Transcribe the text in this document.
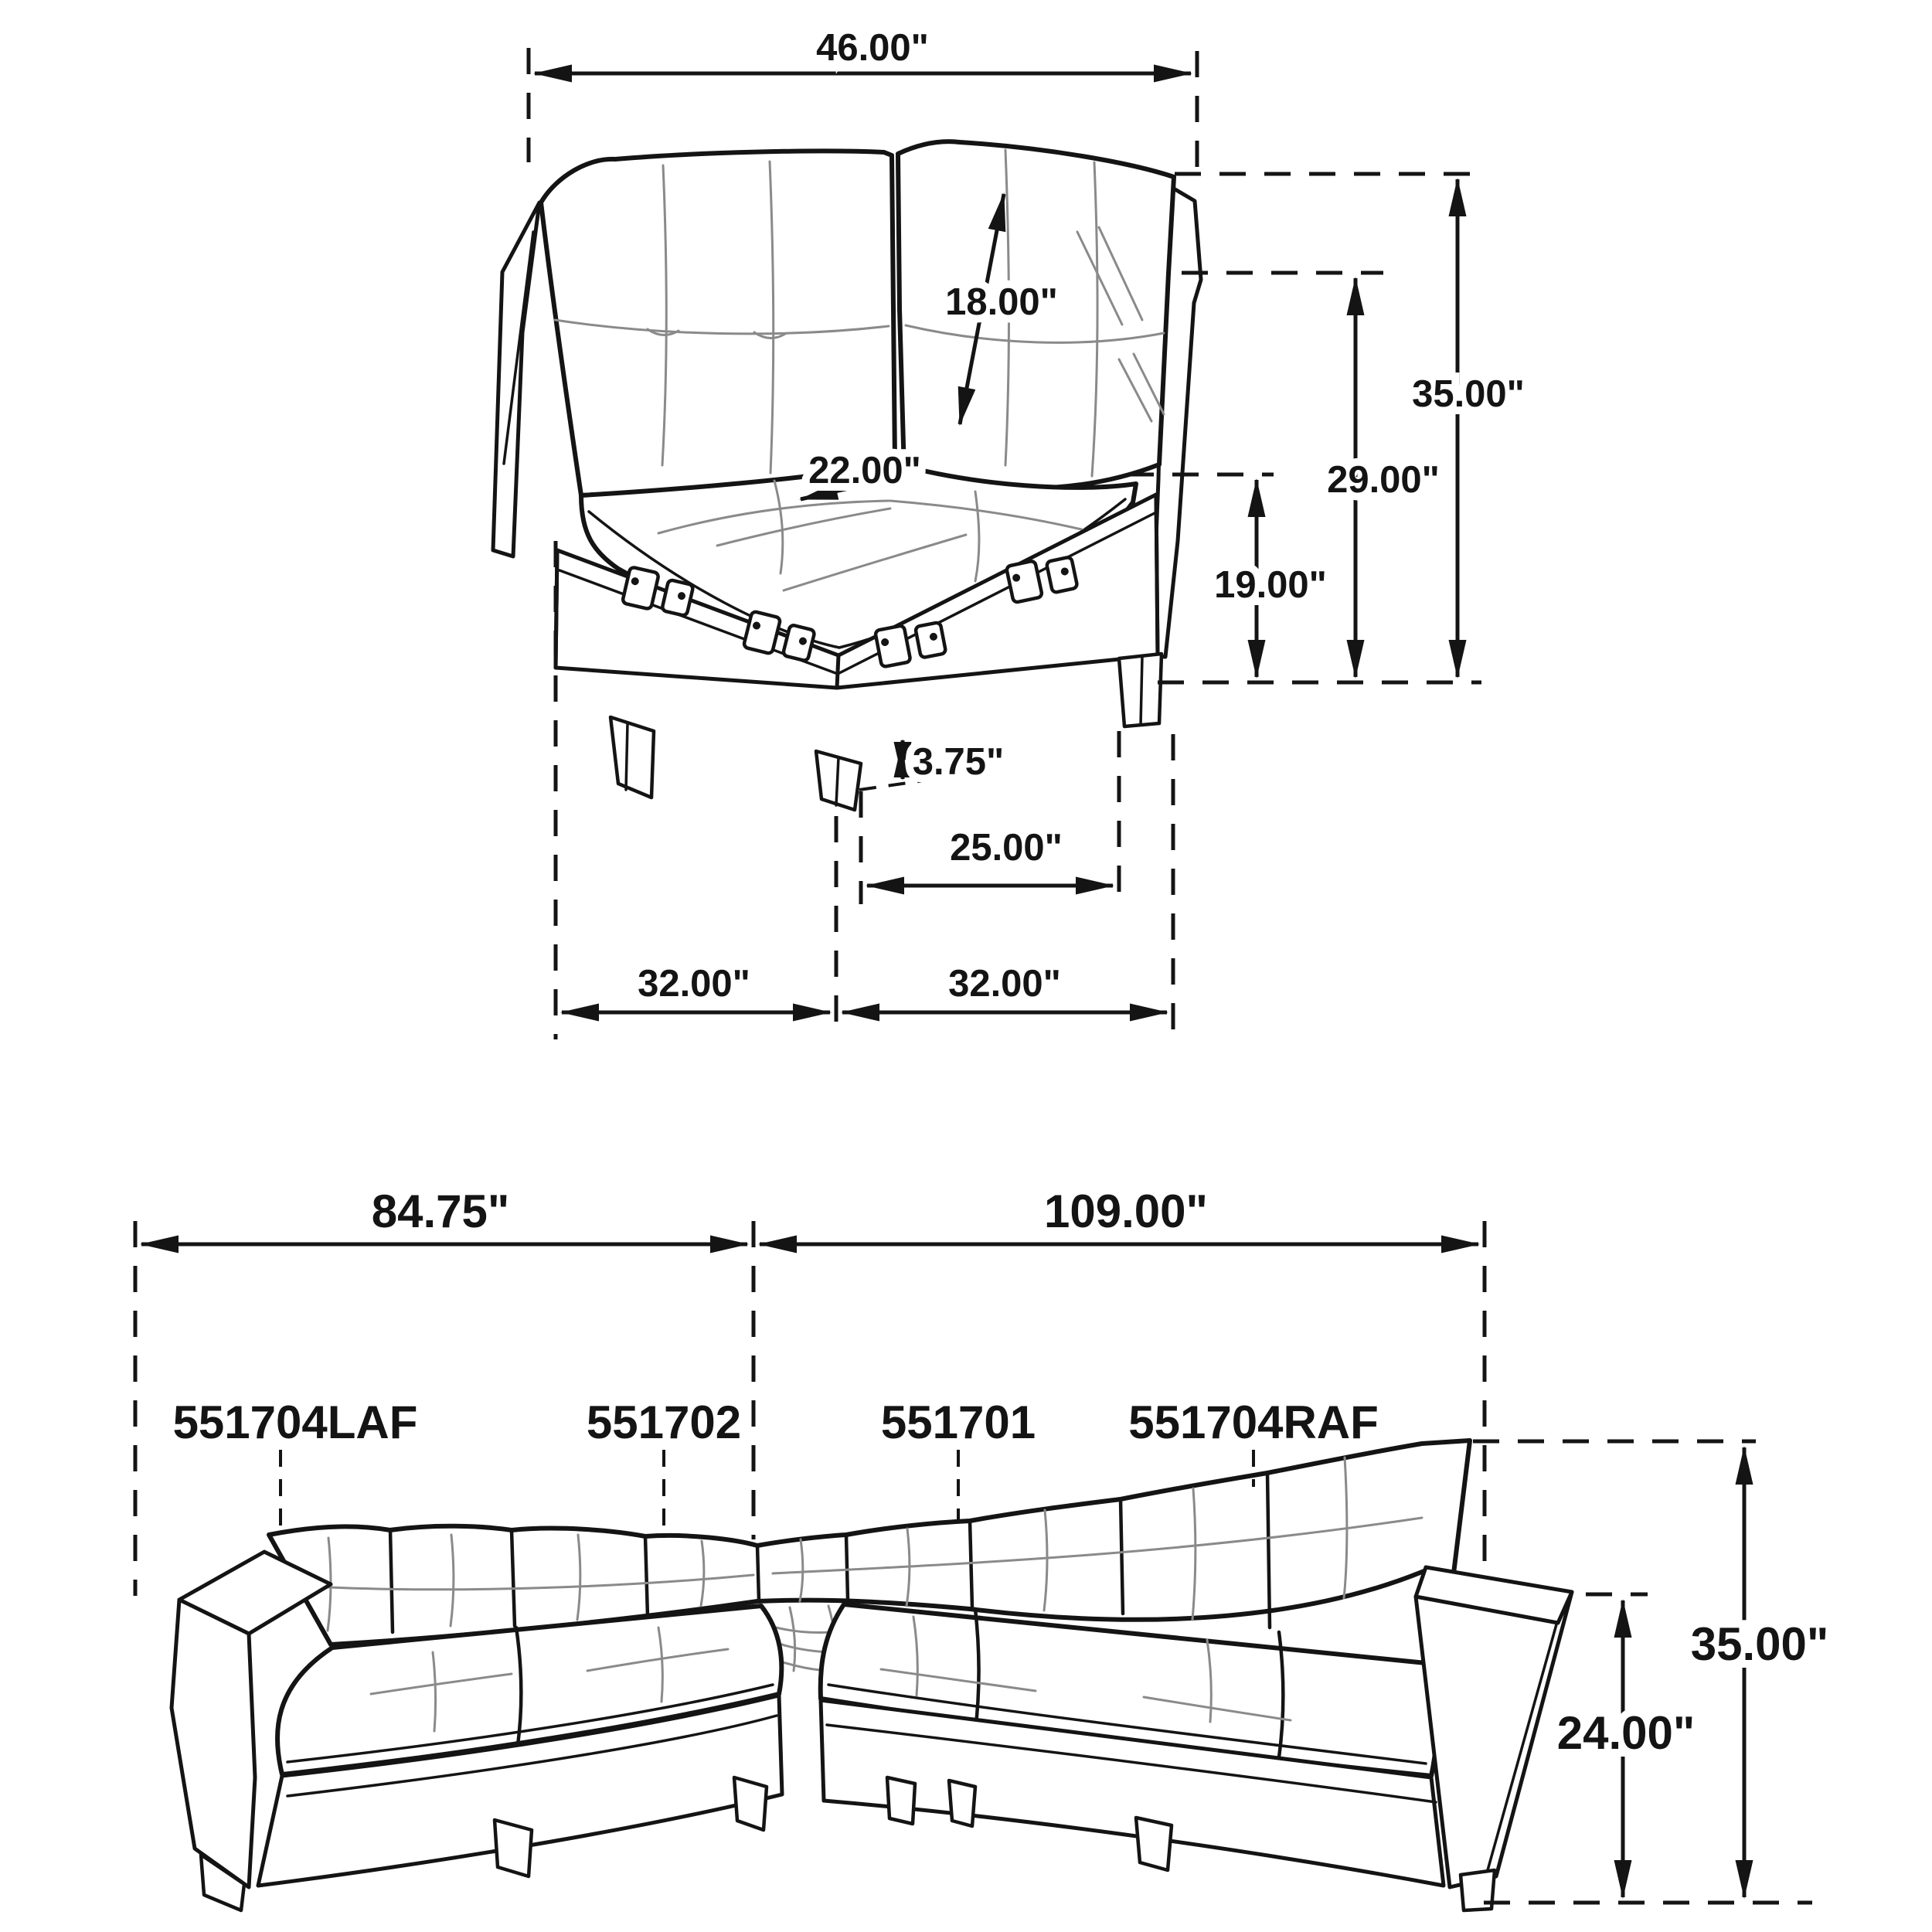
46.00"
35.00"
29.00"
19.00"
18.00"
22.00"
3.75"
25.00"
32.00"	32.00"
84.75"	109.00"
551704LAF	551702	551701 551704RAF
35.00"
24.00"
